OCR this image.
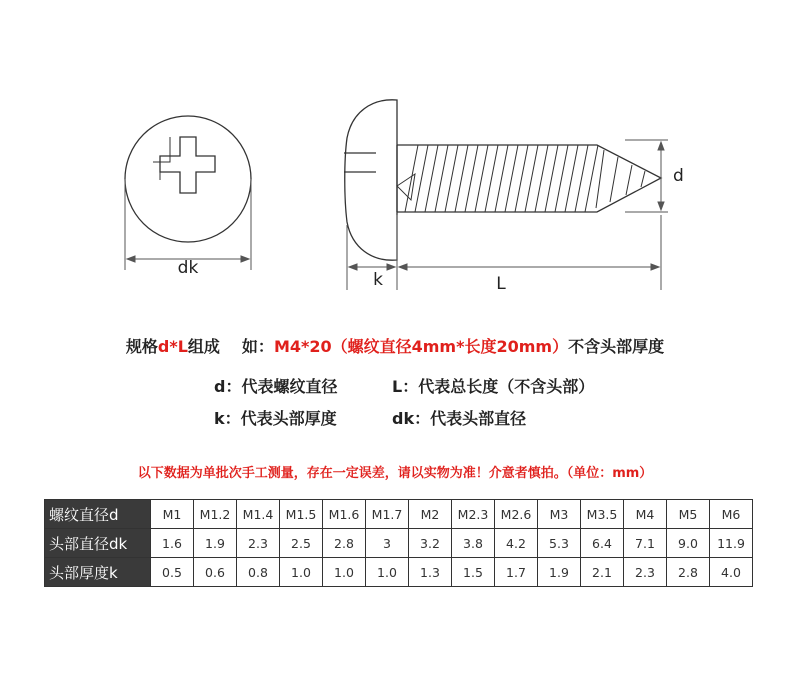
dk
d
k	L
规格d*L组成 如：M4*20（螺纹直径4mm*长度20mm）不含头部厚度
d：代表螺纹直径	L：代表总长度（不含头部）
k：代表头部厚度	dk：代表头部直径
以下数据为单批次手工测量，存在一定误差，请以实物为准！介意者慎拍。（单位：mm）
螺纹直径d	M1	M1.2	M1.4	M1.5	M1.6	M1.7	M2	M2.3	M2.6	M3	M3.5	M4	M5	M6
头部直径dk	1.6	1.9	2.3	2.5	2.8	3	3.2	3.8	4.2	5.3	6.4	7.1	9.0	11.9
头部厚度k	0.5	0.6	0.8	1.0	1.0	1.0	1.3	1.5	1.7	1.9	2.1	2.3	2.8	4.0
